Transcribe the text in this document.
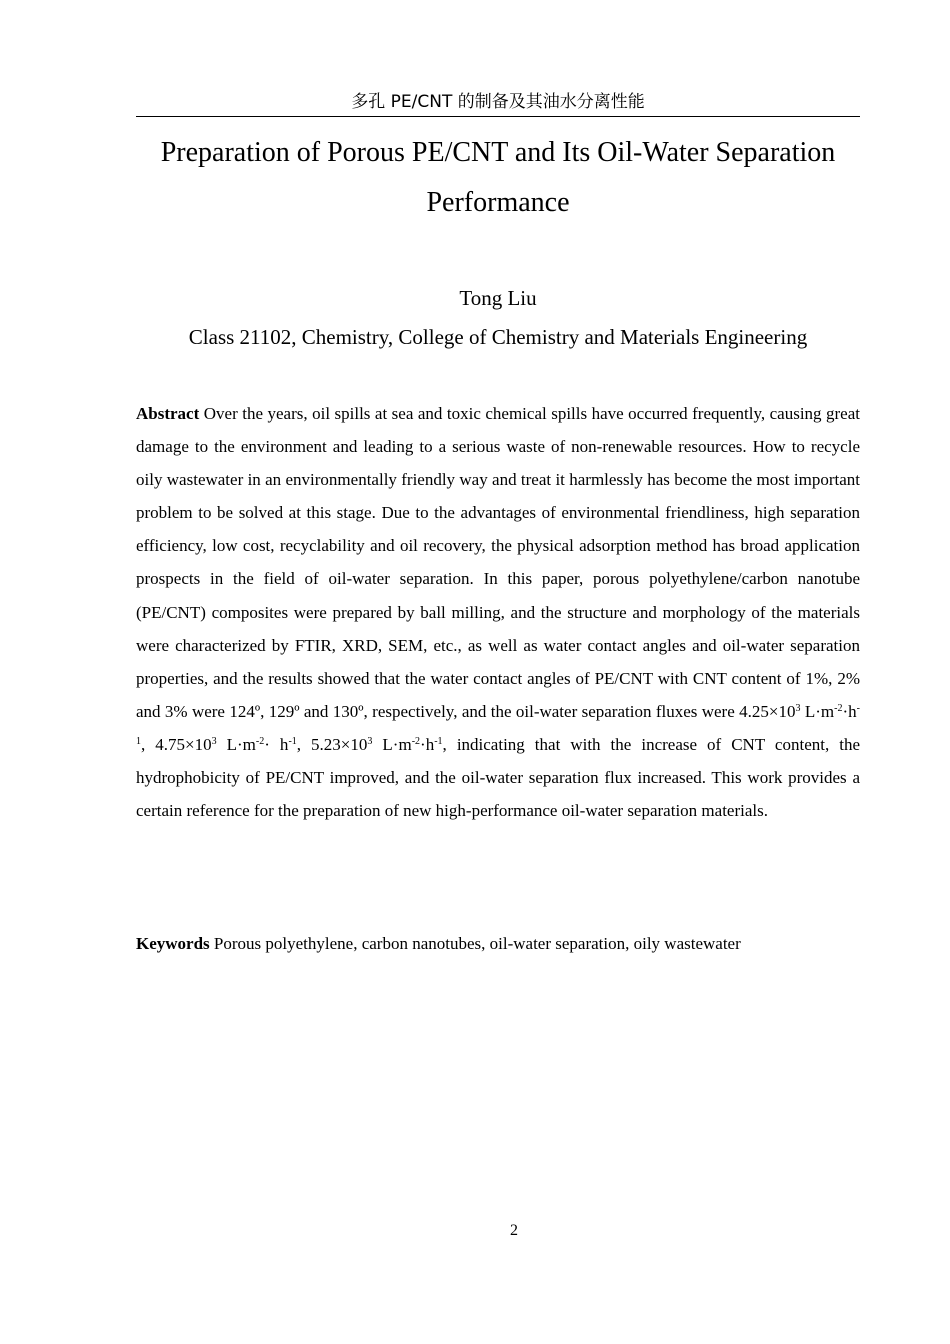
多孔 PE/CNT 的制备及其油水分离性能
Preparation of Porous PE/CNT and Its Oil-Water Separation Performance
Tong Liu
Class 21102, Chemistry, College of Chemistry and Materials Engineering

Abstract Over the years, oil spills at sea and toxic chemical spills have occurred frequently, causing great damage to the environment and leading to a serious waste of non-renewable resources. How to recycle oily wastewater in an environmentally friendly way and treat it harmlessly has become the most important problem to be solved at this stage. Due to the advantages of environmental friendliness, high separation efficiency, low cost, recyclability and oil recovery, the physical adsorption method has broad application prospects in the field of oil-water separation. In this paper, porous polyethylene/carbon nanotube (PE/CNT) composites were prepared by ball milling, and the structure and morphology of the materials were characterized by FTIR, XRD, SEM, etc., as well as water contact angles and oil-water separation properties, and the results showed that the water contact angles of PE/CNT with CNT content of 1%, 2% and 3% were 124º, 129º and 130º, respectively, and the oil-water separation fluxes were $4.25\times 10^3$ $L\cdot m^{-2}\cdot h^{-1}$, $4.75\times 10^3$ $L\cdot m^{-2}\cdot h^{-1}$, $5.23\times 10^3$ $L\cdot m^{-2}\cdot h^{-1}$, indicating that with the increase of CNT content, the hydrophobicity of PE/CNT improved, and the oil-water separation flux increased. This work provides a certain reference for the preparation of new high-performance oil-water separation materials.

Keywords Porous polyethylene, carbon nanotubes, oil-water separation, oily wastewater

2
